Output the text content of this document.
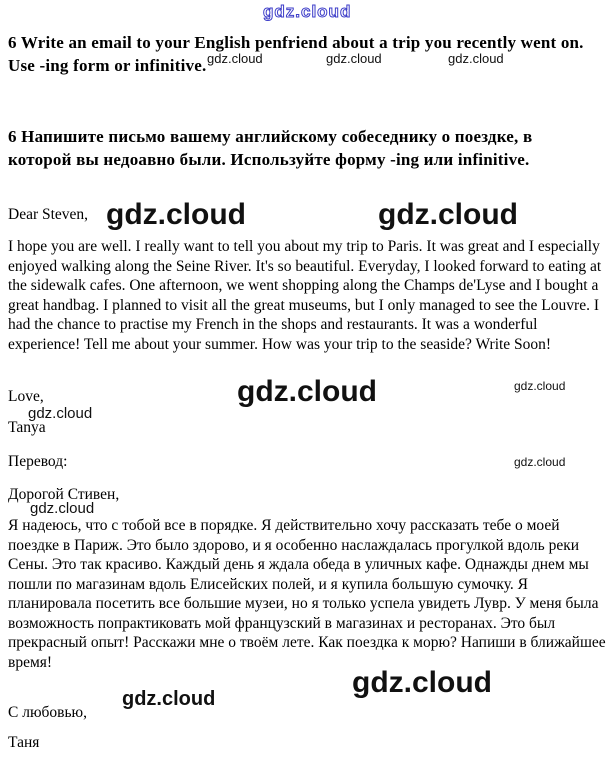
gdz.cloud
6 Write an email to your English penfriend about a trip you recently went on.
Use -ing form or infinitive. gdz.cloud	gdz.cloud	gdz.cloud
6 Напишите письмо вашему английскому собеседнику о поездке, в
которой вы недоавно были. Используйте форму -ing или infinitive.
Dear Steven, gdz.cloud	gdz.cloud
I hope you are well. I really want to tell you about my trip to Paris. It was great and I especially enjoyed walking along the Seine River. It's so beautiful. Everyday, I looked forward to eating at the sidewalk cafes. One afternoon, we went shopping along the Champs de'Lyse and I bought a great handbag. I planned to visit all the great museums, but I only managed to see the Louvre. I had the chance to practise my French in the shops and restaurants. It was a wonderful experience! Tell me about your summer. How was your trip to the seaside? Write Soon!
Love,	gdz.cloud	gdz.cloud
gdz.cloud
Tanya
Перевод:	gdz.cloud
Дорогой Стивен,
gdz.cloud
Я надеюсь, что с тобой все в порядке. Я действительно хочу рассказать тебе о моей поездке в Париж. Это было здорово, и я особенно наслаждалась прогулкой вдоль реки Сены. Это так красиво. Каждый день я ждала обеда в уличных кафе. Однажды днем мы пошли по магазинам вдоль Елисейских полей, и я купила большую сумочку. Я планировала посетить все большие музеи, но я только успела увидеть Лувр. У меня была возможность попрактиковать мой французский в магазинах и ресторанах. Это был прекрасный опыт! Расскажи мне о твоём лете. Как поездка к морю? Напиши в ближайшее время!
gdz.cloud
gdz.cloud
С любовью,
Таня
